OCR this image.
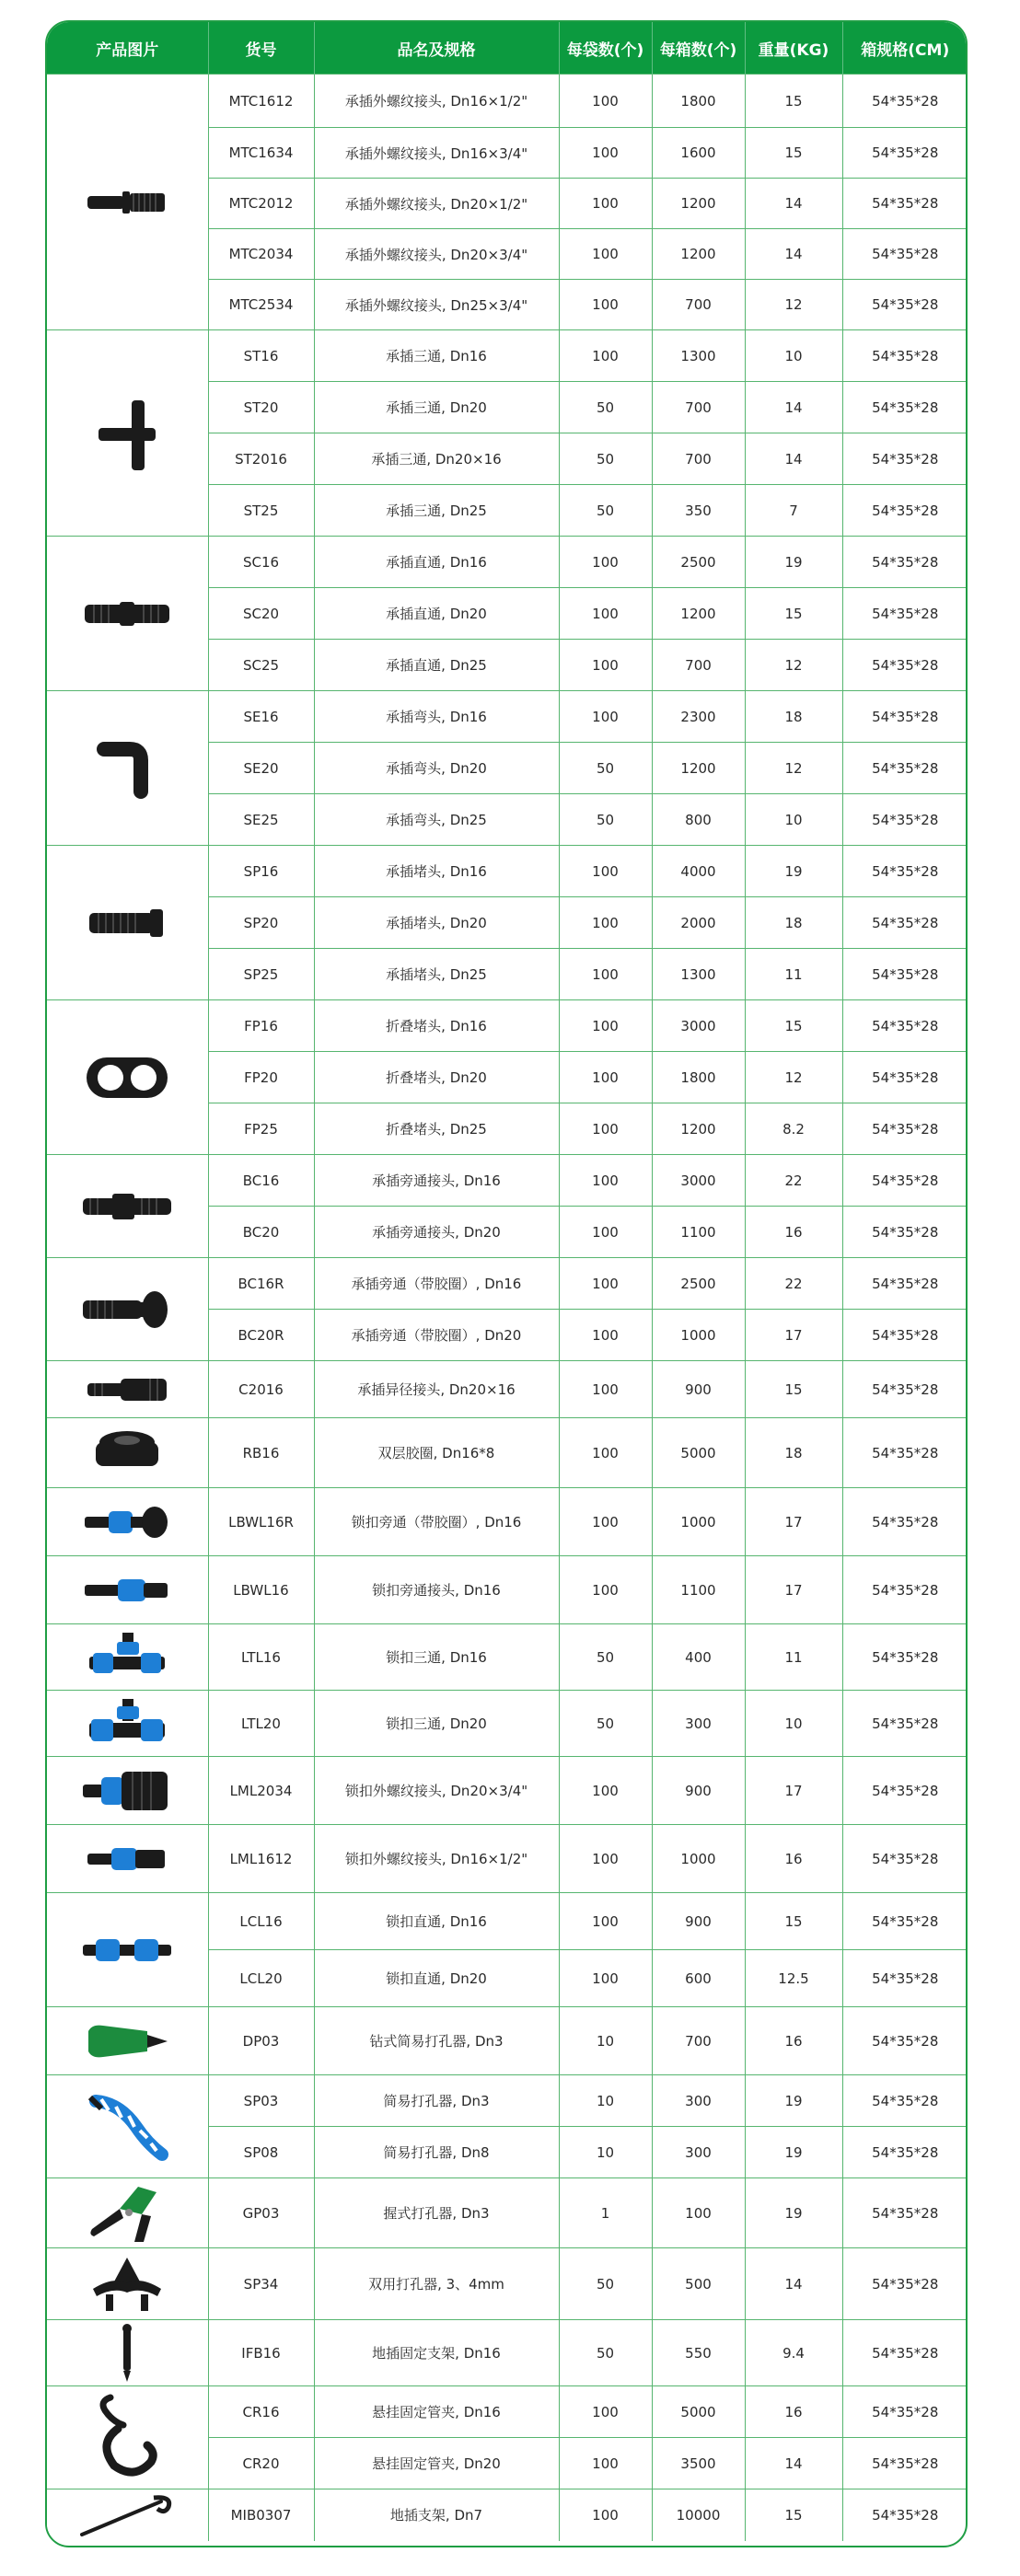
产品图片	货号	品名及规格	每袋数(个)	每箱数(个)	重量(KG)	箱规格(CM)

	MTC1612	承插外螺纹接头, Dn16×1/2"	100	1800	15	54*35*28
	MTC1634	承插外螺纹接头, Dn16×3/4"	100	1600	15	54*35*28
	MTC2012	承插外螺纹接头, Dn20×1/2"	100	1200	14	54*35*28
	MTC2034	承插外螺纹接头, Dn20×3/4"	100	1200	14	54*35*28
	MTC2534	承插外螺纹接头, Dn25×3/4"	100	700	12	54*35*28

	ST16	承插三通, Dn16	100	1300	10	54*35*28
	ST20	承插三通, Dn20	50	700	14	54*35*28
	ST2016	承插三通, Dn20×16	50	700	14	54*35*28
	ST25	承插三通, Dn25	50	350	7	54*35*28

	SC16	承插直通, Dn16	100	2500	19	54*35*28
	SC20	承插直通, Dn20	100	1200	15	54*35*28
	SC25	承插直通, Dn25	100	700	12	54*35*28

	SE16	承插弯头, Dn16	100	2300	18	54*35*28
	SE20	承插弯头, Dn20	50	1200	12	54*35*28
	SE25	承插弯头, Dn25	50	800	10	54*35*28

	SP16	承插堵头, Dn16	100	4000	19	54*35*28
	SP20	承插堵头, Dn20	100	2000	18	54*35*28
	SP25	承插堵头, Dn25	100	1300	11	54*35*28

	FP16	折叠堵头, Dn16	100	3000	15	54*35*28
	FP20	折叠堵头, Dn20	100	1800	12	54*35*28
	FP25	折叠堵头, Dn25	100	1200	8.2	54*35*28

	BC16	承插旁通接头, Dn16	100	3000	22	54*35*28
	BC20	承插旁通接头, Dn20	100	1100	16	54*35*28

	BC16R	承插旁通（带胶圈）, Dn16	100	2500	22	54*35*28
	BC20R	承插旁通（带胶圈）, Dn20	100	1000	17	54*35*28

	C2016	承插异径接头, Dn20×16	100	900	15	54*35*28

	RB16	双层胶圈, Dn16*8	100	5000	18	54*35*28

	LBWL16R	锁扣旁通（带胶圈）, Dn16	100	1000	17	54*35*28

	LBWL16	锁扣旁通接头, Dn16	100	1100	17	54*35*28

	LTL16	锁扣三通, Dn16	50	400	11	54*35*28

	LTL20	锁扣三通, Dn20	50	300	10	54*35*28

	LML2034	锁扣外螺纹接头, Dn20×3/4"	100	900	17	54*35*28

	LML1612	锁扣外螺纹接头, Dn16×1/2"	100	1000	16	54*35*28

	LCL16	锁扣直通, Dn16	100	900	15	54*35*28
	LCL20	锁扣直通, Dn20	100	600	12.5	54*35*28

	DP03	钻式简易打孔器, Dn3	10	700	16	54*35*28

	SP03	简易打孔器, Dn3	10	300	19	54*35*28
	SP08	简易打孔器, Dn8	10	300	19	54*35*28

	GP03	握式打孔器, Dn3	1	100	19	54*35*28

	SP34	双用打孔器, 3、4mm	50	500	14	54*35*28

	IFB16	地插固定支架, Dn16	50	550	9.4	54*35*28

	CR16	悬挂固定管夹, Dn16	100	5000	16	54*35*28
	CR20	悬挂固定管夹, Dn20	100	3500	14	54*35*28

	MIB0307	地插支架, Dn7	100	10000	15	54*35*28
